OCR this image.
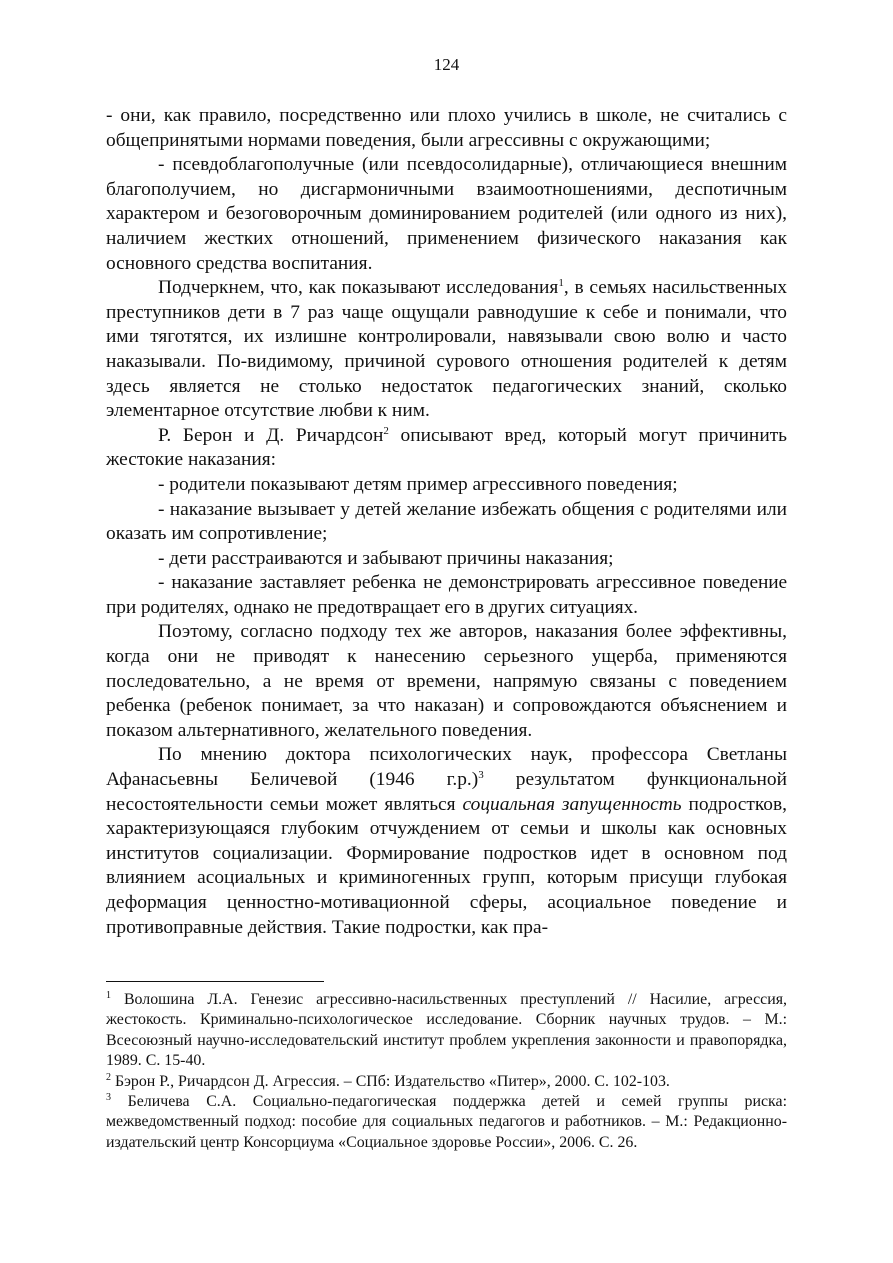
124

- они, как правило, посредственно или плохо учились в школе, не считались с общепринятыми нормами поведения, были агрессивны с окружающими;

- псевдоблагополучные (или псевдосолидарные), отличающиеся внешним благополучием, но дисгармоничными взаимоотношениями, деспотичным характером и безоговорочным доминированием родителей (или одного из них), наличием жестких отношений, применением физического наказания как основного средства воспитания.

Подчеркнем, что, как показывают исследования$^1$, в семьях насильственных преступников дети в 7 раз чаще ощущали равнодушие к себе и понимали, что ими тяготятся, их излишне контролировали, навязывали свою волю и часто наказывали. По-видимому, причиной сурового отношения родителей к детям здесь является не столько недостаток педагогических знаний, сколько элементарное отсутствие любви к ним.

Р. Берон и Д. Ричардсон$^2$ описывают вред, который могут причинить жестокие наказания:

- родители показывают детям пример агрессивного поведения;

- наказание вызывает у детей желание избежать общения с родителями или оказать им сопротивление;

- дети расстраиваются и забывают причины наказания;

- наказание заставляет ребенка не демонстрировать агрессивное поведение при родителях, однако не предотвращает его в других ситуациях.

Поэтому, согласно подходу тех же авторов, наказания более эффективны, когда они не приводят к нанесению серьезного ущерба, применяются последовательно, а не время от времени, напрямую связаны с поведением ребенка (ребенок понимает, за что наказан) и сопровождаются объяснением и показом альтернативного, желательного поведения.

По мнению доктора психологических наук, профессора Светланы Афанасьевны Беличевой (1946 г.р.)$^3$ результатом функциональной несостоятельности семьи может являться социальная запущенность подростков, характеризующаяся глубоким отчуждением от семьи и школы как основных институтов социализации. Формирование подростков идет в основном под влиянием асоциальных и криминогенных групп, которым присущи глубокая деформация ценностно-мотивационной сферы, асоциальное поведение и противоправные действия. Такие подростки, как пра-

$^1$ Волошина Л.А. Генезис агрессивно-насильственных преступлений // Насилие, агрессия, жестокость. Криминально-психологическое исследование. Сборник научных трудов. – М.: Всесоюзный научно-исследовательский институт проблем укрепления законности и правопорядка, 1989. С. 15-40.

$^2$ Бэрон Р., Ричардсон Д. Агрессия. – СПб: Издательство «Питер», 2000. С. 102-103.

$^3$ Беличева С.А. Социально-педагогическая поддержка детей и семей группы риска: межведомственный подход: пособие для социальных педагогов и работников. – М.: Редакционно-издательский центр Консорциума «Социальное здоровье России», 2006. С. 26.
